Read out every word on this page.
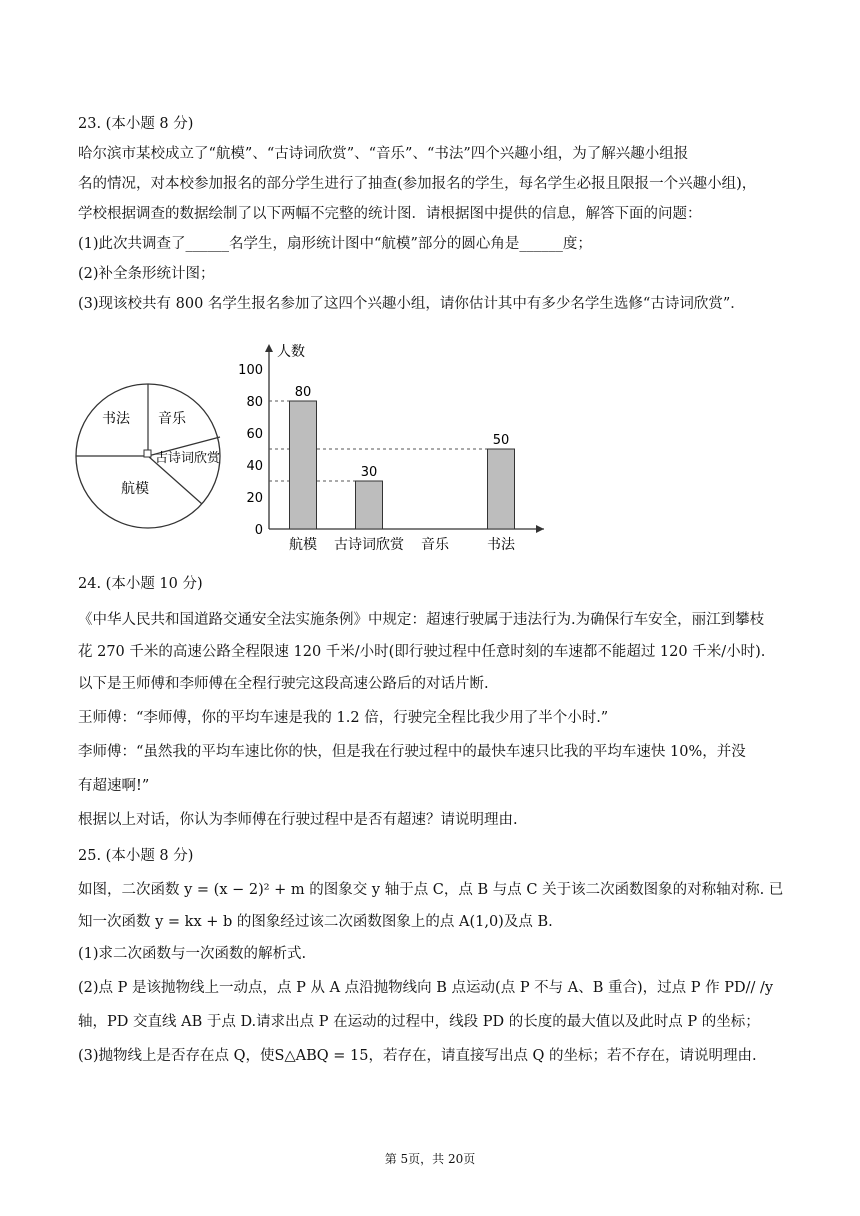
23. (本小题 8 分)
哈尔滨市某校成立了“航模”、“古诗词欣赏”、“音乐”、“书法”四个兴趣小组，为了解兴趣小组报
名的情况，对本校参加报名的部分学生进行了抽查(参加报名的学生，每名学生必报且限报一个兴趣小组)，
学校根据调查的数据绘制了以下两幅不完整的统计图．请根据图中提供的信息，解答下面的问题：
(1)此次共调查了______名学生，扇形统计图中“航模”部分的圆心角是______度；
(2)补全条形统计图；
(3)现该校共有 800 名学生报名参加了这四个兴趣小组，请你估计其中有多少名学生选修“古诗词欣赏”．
书法 音乐
古诗词欣赏
航模
人数
0
20
40
60
80
100
80
航模
30
古诗词欣赏 音乐
50
书法
24. (本小题 10 分)
《中华人民共和国道路交通安全法实施条例》中规定：超速行驶属于违法行为.为确保行车安全，丽江到攀枝
花 270 千米的高速公路全程限速 120 千米/小时(即行驶过程中任意时刻的车速都不能超过 120 千米/小时).
以下是王师傅和李师傅在全程行驶完这段高速公路后的对话片断.
王师傅：“李师傅，你的平均车速是我的 1.2 倍，行驶完全程比我少用了半个小时.”
李师傅：“虽然我的平均车速比你的快，但是我在行驶过程中的最快车速只比我的平均车速快 10%，并没
有超速啊!”
根据以上对话，你认为李师傅在行驶过程中是否有超速？请说明理由.
25. (本小题 8 分)
如图，二次函数 y = (x − 2)² + m 的图象交 y 轴于点 C，点 B 与点 C 关于该二次函数图象的对称轴对称. 已
知一次函数 y = kx + b 的图象经过该二次函数图象上的点 A(1,0)及点 B.
(1)求二次函数与一次函数的解析式.
(2)点 P 是该抛物线上一动点，点 P 从 A 点沿抛物线向 B 点运动(点 P 不与 A、B 重合)，过点 P 作 PD// /y
轴，PD 交直线 AB 于点 D.请求出点 P 在运动的过程中，线段 PD 的长度的最大值以及此时点 P 的坐标；
(3)抛物线上是否存在点 Q，使S△ABQ = 15，若存在，请直接写出点 Q 的坐标；若不存在，请说明理由.
第 5页，共 20页
